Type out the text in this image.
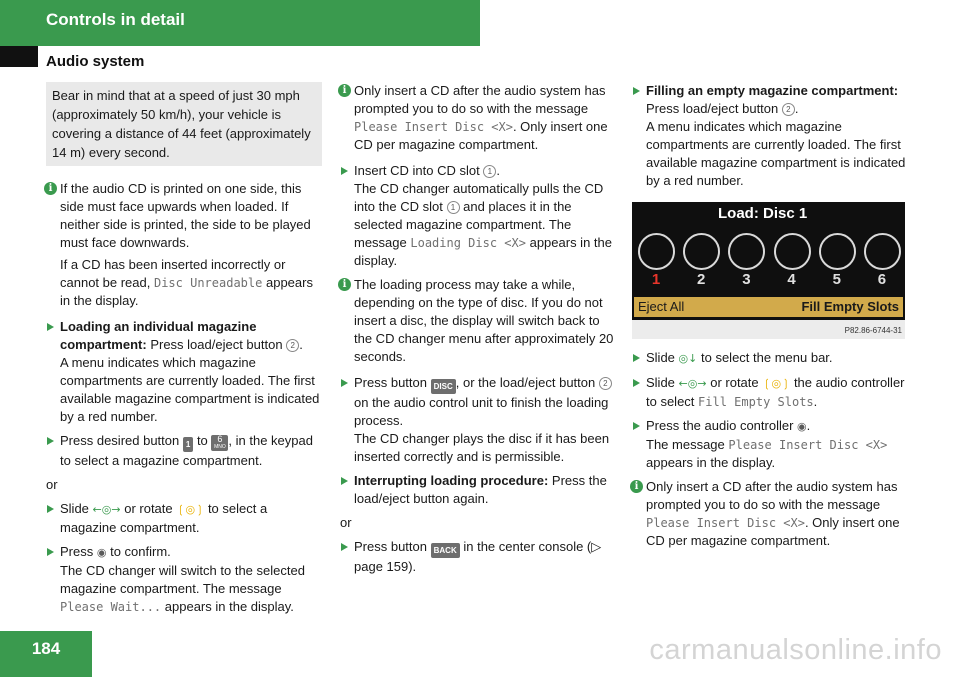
Controls in detail
Audio system
Bear in mind that at a speed of just 30 mph (approximately 50 km/h), your vehicle is covering a distance of 44 feet (approximately 14 m) every second.
i If the audio CD is printed on one side, this side must face upwards when loaded. If neither side is printed, the side to be played must face downwards.

If a CD has been inserted incorrectly or cannot be read, Disc Unreadable appears in the display.

Loading an individual magazine compartment: Press load/eject button 2 .
A menu indicates which magazine compartments are currently loaded. The first available magazine compartment is indicated by a red number.
Press desired button 1 to	6
MNO , in the keypad to select a magazine compartment.
or
Slide ←◎→ or rotate ❲◎❳ to select a magazine compartment.
Press ◉ to confirm.
The CD changer will switch to the selected magazine compartment. The message Please Wait... appears in the display.
i Only insert a CD after the audio system has prompted you to do so with the message Please Insert Disc <X>. Only insert one CD per magazine compartment.

Insert CD into CD slot 1 .
The CD changer automatically pulls the CD into the CD slot 1 and places it in the selected magazine compartment. The message Loading Disc <X> appears in the display.
i The loading process may take a while, depending on the type of disc. If you do not insert a disc, the display will switch back to the CD changer menu after approximately 20 seconds.

Press button DISC , or the load/eject button 2 on the audio control unit to finish the loading process.
The CD changer plays the disc if it has been inserted correctly and is permissible.
Interrupting loading procedure: Press the load/eject button again.
or
Press button BACK in the center console (▷ page 159).
Filling an empty magazine compartment: Press load/eject button 2 .
A menu indicates which magazine compartments are currently loaded. The first available magazine compartment is indicated by a red number.
Load: Disc 1
1	2	3	4	5	6
Eject All	Fill Empty Slots
P82.86-6744-31
Slide ◎↓ to select the menu bar.
Slide ←◎→ or rotate ❲◎❳ the audio controller to select Fill Empty Slots.
Press the audio controller ◉.
The message Please Insert Disc <X> appears in the display.
i Only insert a CD after the audio system has prompted you to do so with the message Please Insert Disc <X>. Only insert one CD per magazine compartment.

184	carmanualsonline.info
